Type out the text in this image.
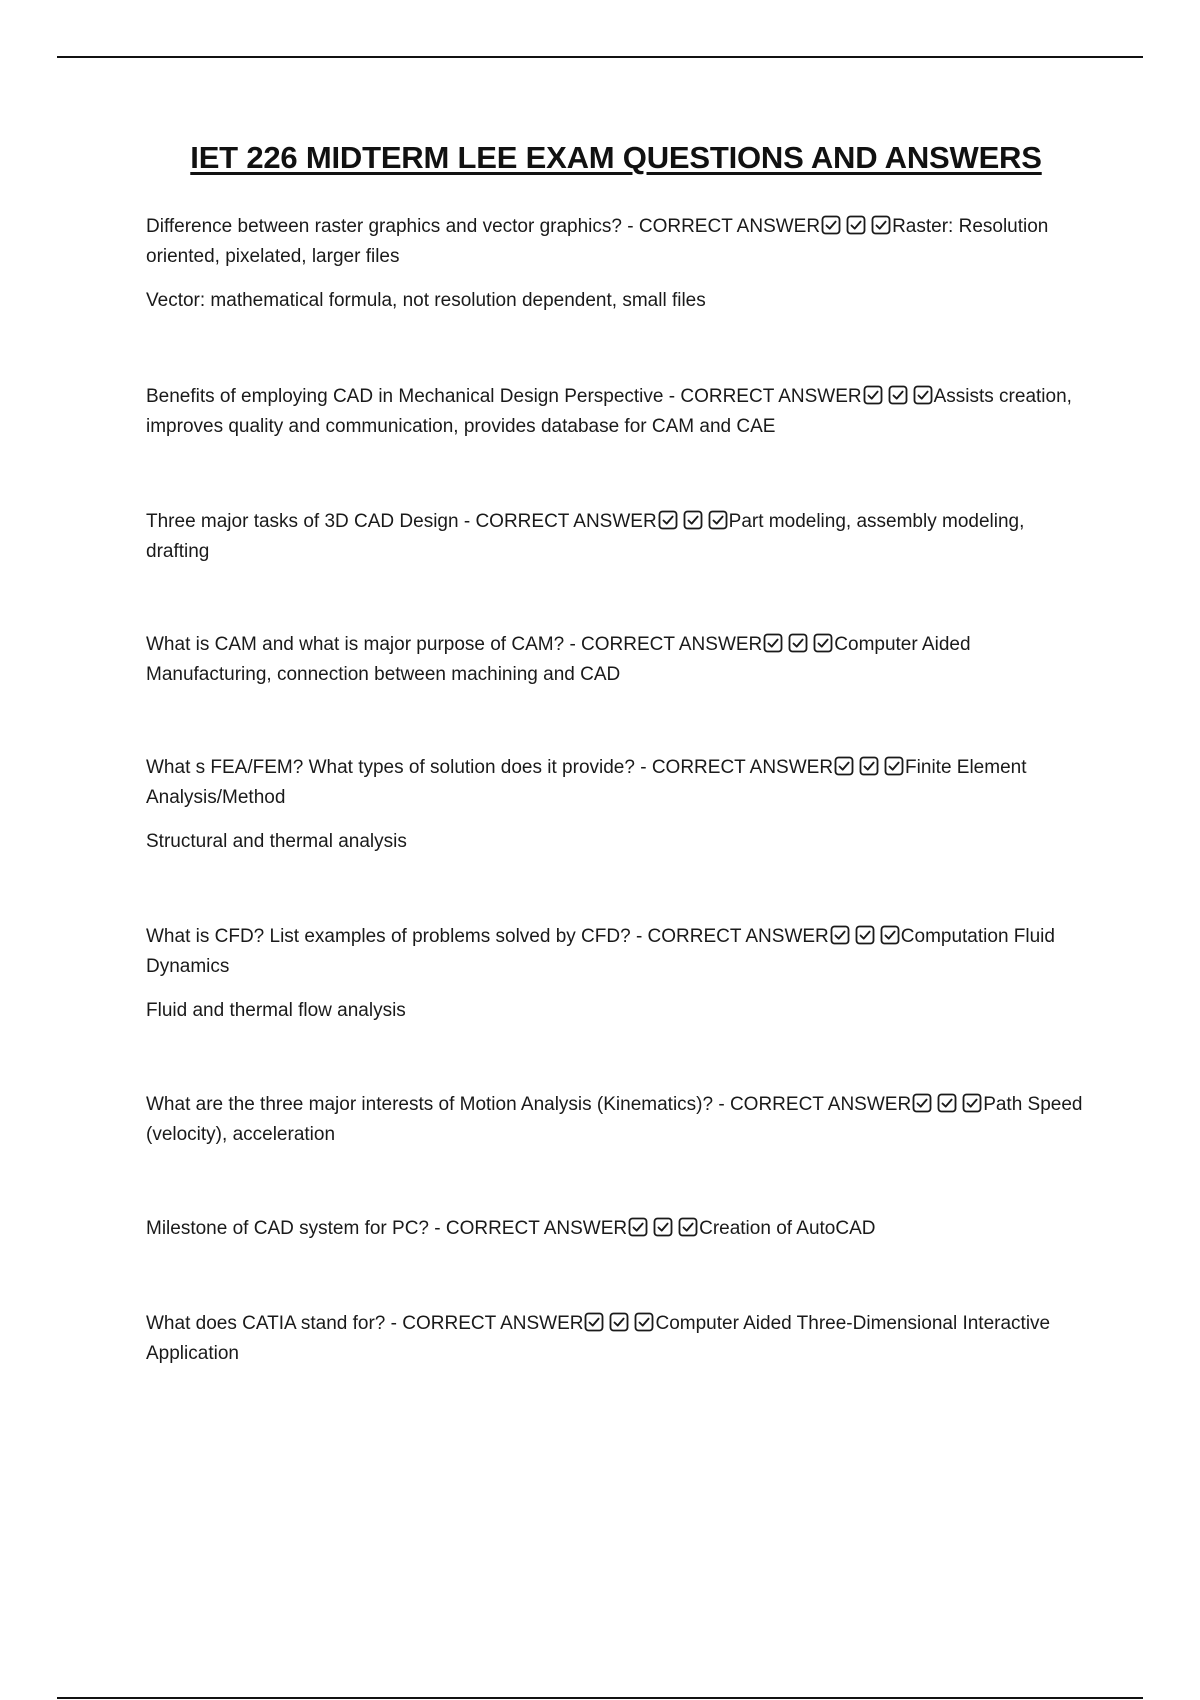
IET 226 MIDTERM LEE EXAM QUESTIONS AND ANSWERS

Difference between raster graphics and vector graphics? - CORRECT ANSWER	Raster: Resolution oriented, pixelated, larger files

Vector: mathematical formula, not resolution dependent, small files

Benefits of employing CAD in Mechanical Design Perspective - CORRECT ANSWER	Assists creation, improves quality and communication, provides database for CAM and CAE

Three major tasks of 3D CAD Design - CORRECT ANSWER	Part modeling, assembly modeling, drafting

What is CAM and what is major purpose of CAM? - CORRECT ANSWER	Computer Aided Manufacturing, connection between machining and CAD

What s FEA/FEM? What types of solution does it provide? - CORRECT ANSWER	Finite Element Analysis/Method

Structural and thermal analysis

What is CFD? List examples of problems solved by CFD? - CORRECT ANSWER	Computation Fluid Dynamics

Fluid and thermal flow analysis

What are the three major interests of Motion Analysis (Kinematics)? - CORRECT ANSWER	Path Speed (velocity), acceleration

Milestone of CAD system for PC? - CORRECT ANSWER	Creation of AutoCAD

What does CATIA stand for? - CORRECT ANSWER	Computer Aided Three-Dimensional Interactive Application
